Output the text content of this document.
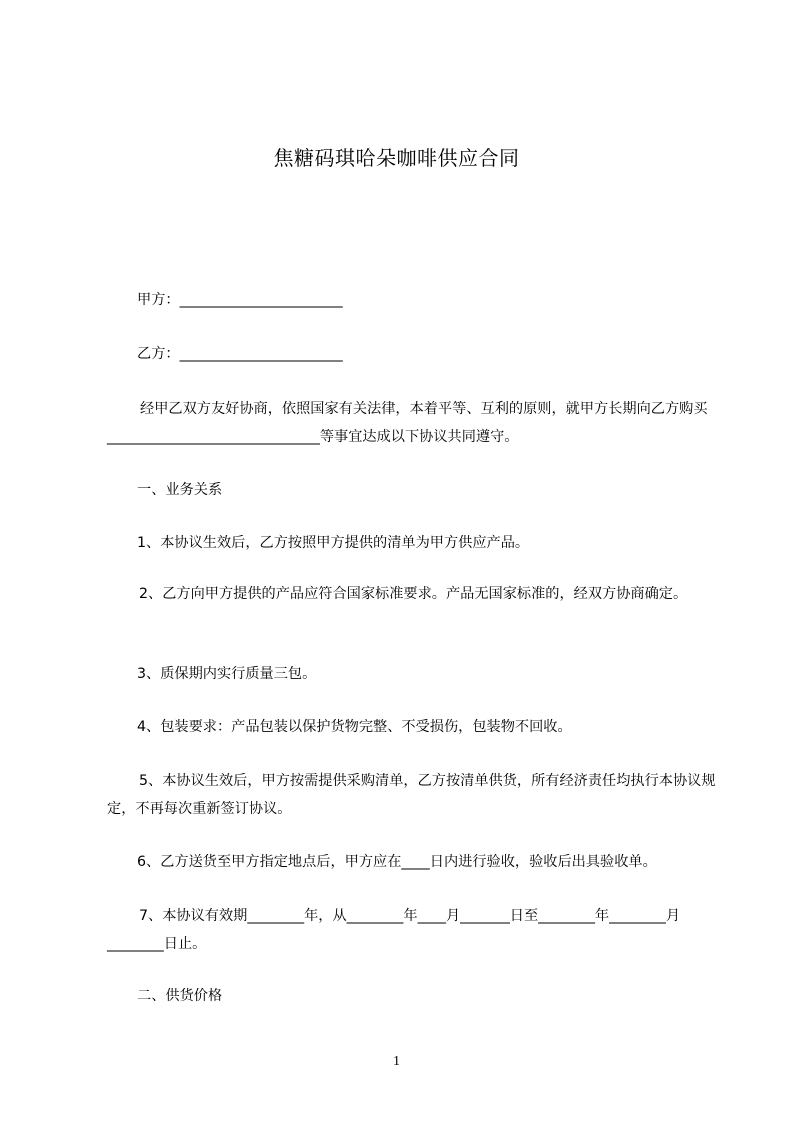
焦糖码琪哈朵咖啡供应合同
甲方：_______________________
乙方：_______________________
经甲乙双方友好协商，依照国家有关法律，本着平等、互利的原则，就甲方长期向乙方购买______________________________等事宜达成以下协议共同遵守。
一、业务关系
1、本协议生效后，乙方按照甲方提供的清单为甲方供应产品。
2、乙方向甲方提供的产品应符合国家标准要求。产品无国家标准的，经双方协商确定。
3、质保期内实行质量三包。
4、包装要求：产品包装以保护货物完整、不受损伤，包装物不回收。
5、本协议生效后，甲方按需提供采购清单，乙方按清单供货，所有经济责任均执行本协议规定，不再每次重新签订协议。
6、乙方送货至甲方指定地点后，甲方应在____日内进行验收，验收后出具验收单。
7、本协议有效期________年，从________年____月_______日至________年________月________日止。
二、供货价格
1
